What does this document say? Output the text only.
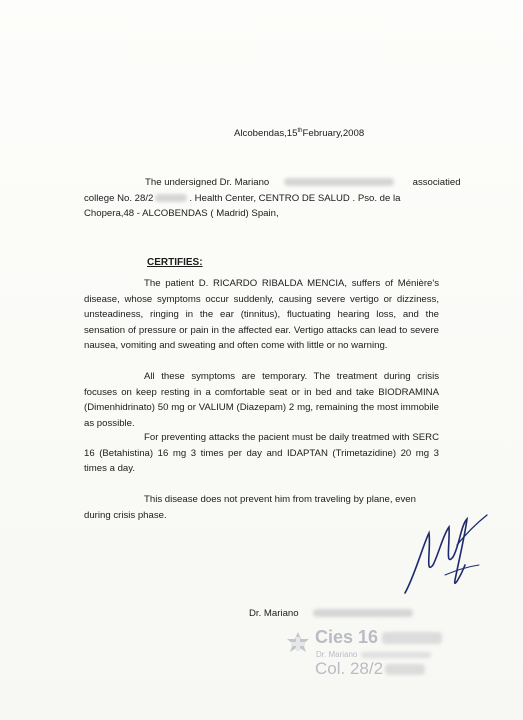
Alcobendas,15thFebruary,2008
The undersigned Dr. Mariano	associatied
college No. 28/2	. Health Center, CENTRO DE SALUD . Pso. de la
Chopera,48 - ALCOBENDAS ( Madrid) Spain,
CERTIFIES:
The patient D. RICARDO RIBALDA MENCIA, suffers of Ménière's disease, whose symptoms occur suddenly, causing severe vertigo or dizziness, unsteadiness, ringing in the ear (tinnitus), fluctuating hearing loss, and the sensation of pressure or pain in the affected ear. Vertigo attacks can lead to severe nausea, vomiting and sweating and often come with little or no warning.
All these symptoms are temporary. The treatment during crisis focuses on keep resting in a comfortable seat or in bed and take BIODRAMINA (Dimenhidrinato) 50 mg or VALIUM (Diazepam) 2 mg, remaining the most immobile as possible.
For preventing attacks the pacient must be daily treatmed with SERC 16 (Betahistina) 16 mg 3 times per day and IDAPTAN (Trimetazidine) 20 mg 3 times a day.
This disease does not prevent him from traveling by plane, even during crisis phase.
Dr. Mariano
Cies 16
Dr. Mariano
Col. 28/2
